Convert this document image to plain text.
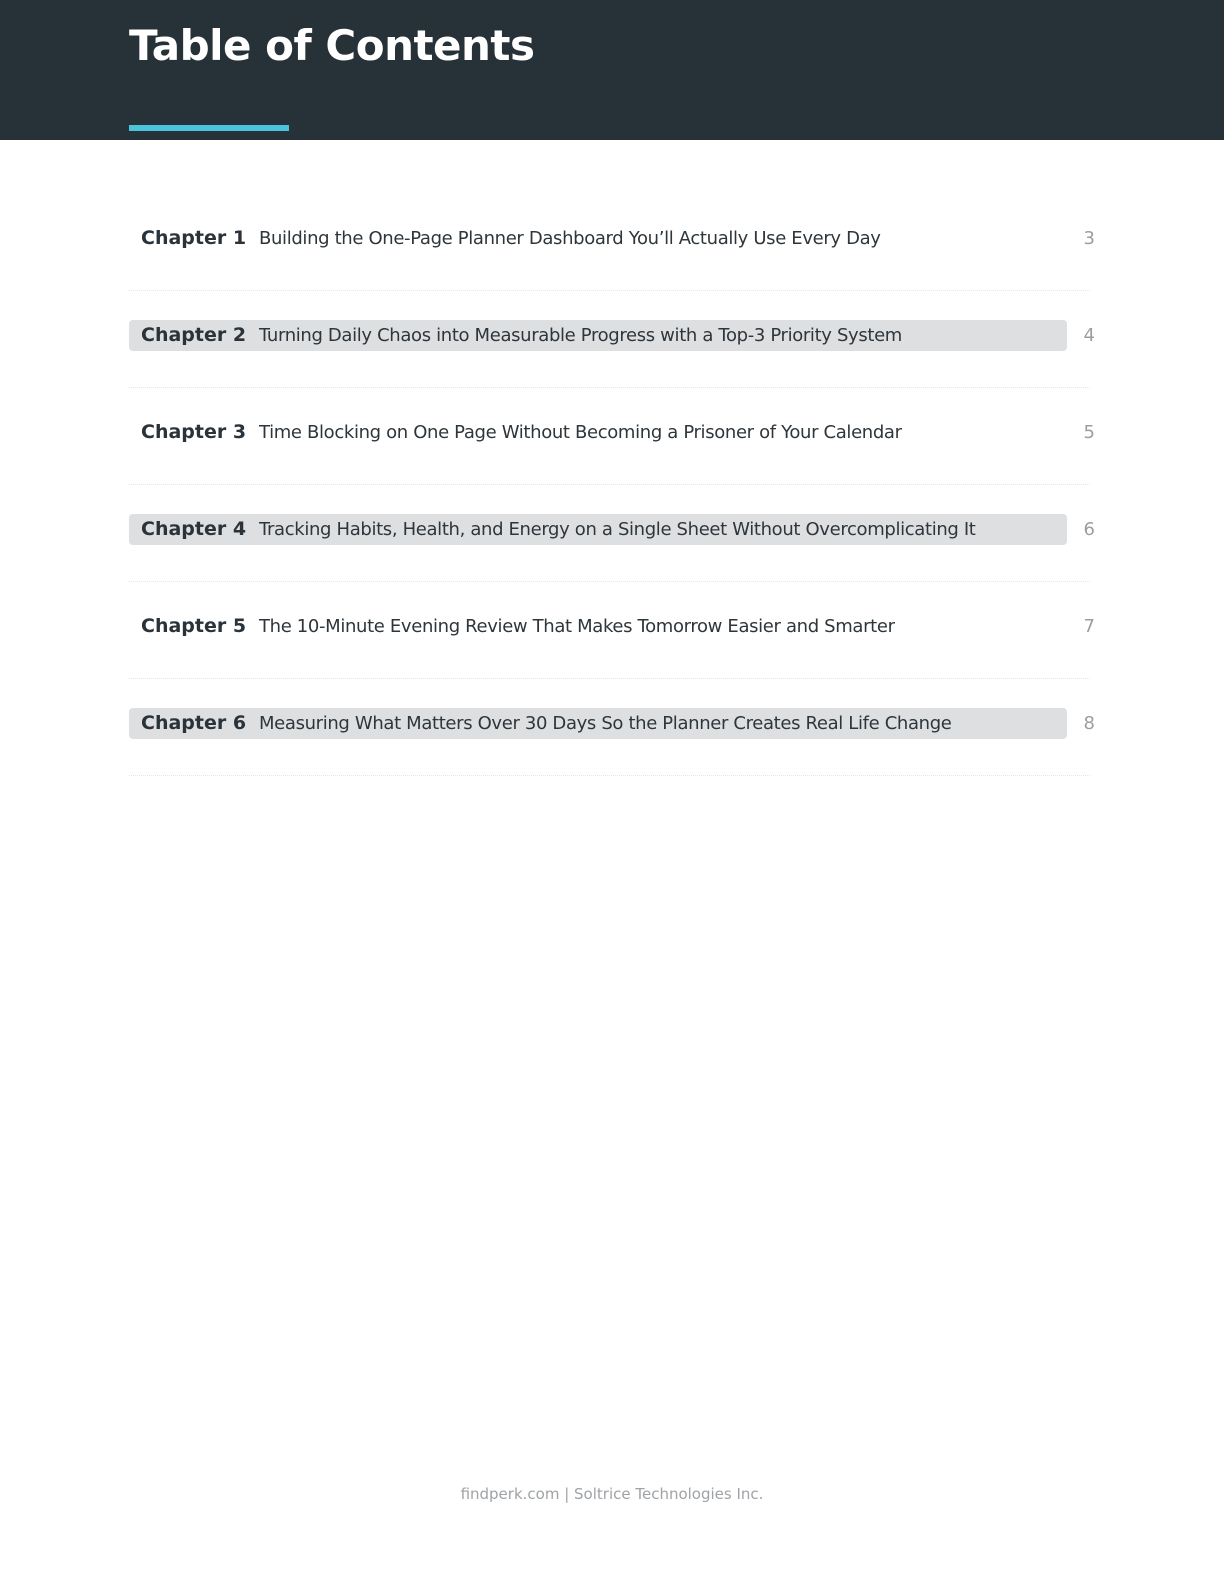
Table of Contents
Chapter 1 Building the One-Page Planner Dashboard You’ll Actually Use Every Day	3
Chapter 2 Turning Daily Chaos into Measurable Progress with a Top-3 Priority System	4
Chapter 3 Time Blocking on One Page Without Becoming a Prisoner of Your Calendar	5
Chapter 4 Tracking Habits, Health, and Energy on a Single Sheet Without Overcomplicating It	6
Chapter 5 The 10-Minute Evening Review That Makes Tomorrow Easier and Smarter	7
Chapter 6 Measuring What Matters Over 30 Days So the Planner Creates Real Life Change	8
findperk.com | Soltrice Technologies Inc.
